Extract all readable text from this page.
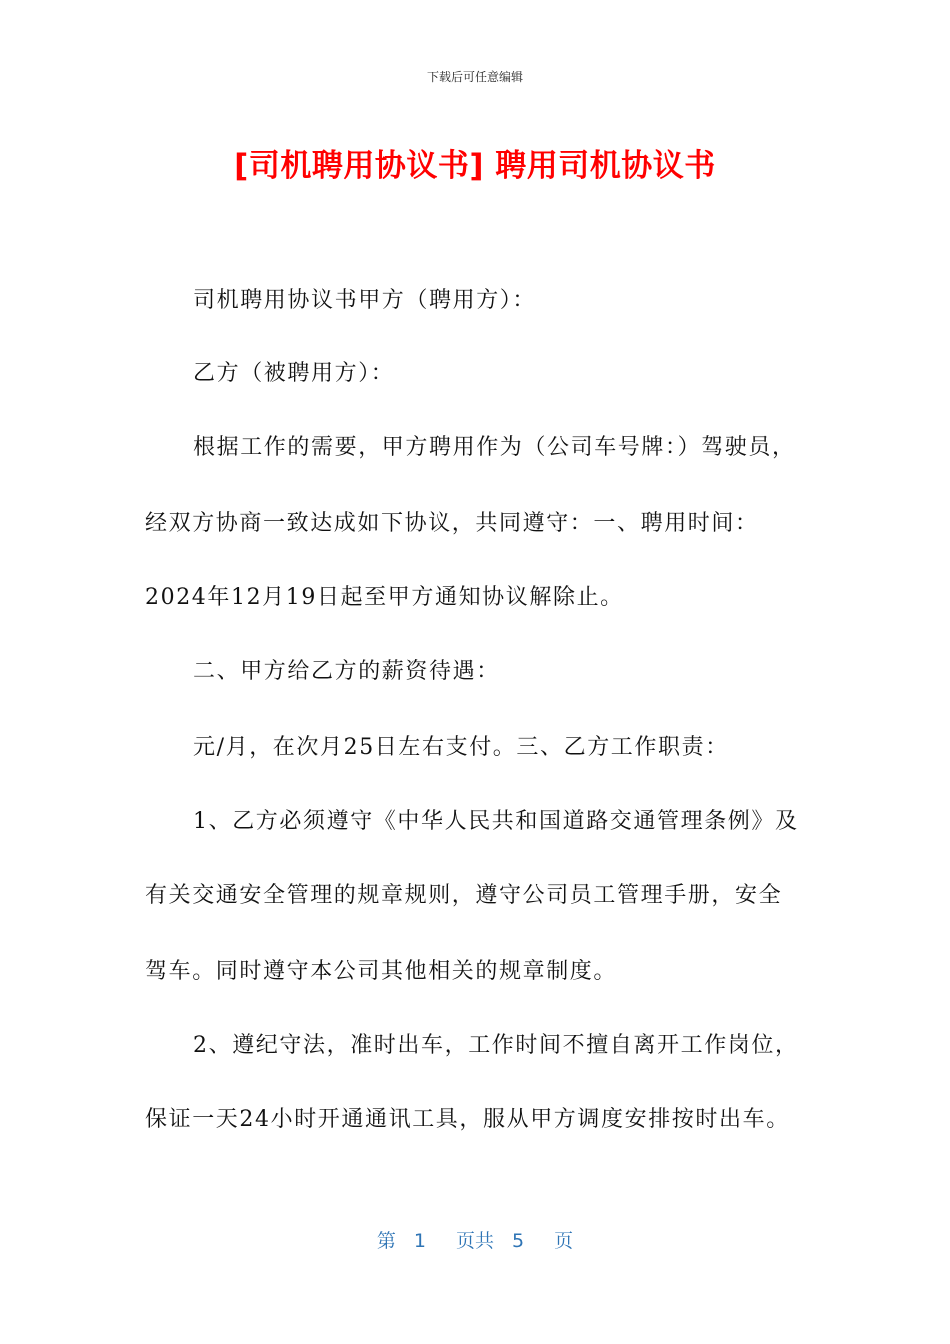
下载后可任意编辑
[司机聘用协议书] 聘用司机协议书
司机聘用协议书甲方（聘用方）：
乙方（被聘用方）：
根据工作的需要，甲方聘用作为（公司车号牌：）驾驶员，
经双方协商一致达成如下协议，共同遵守：一、聘用时间：
2024年12月19日起至甲方通知协议解除止。
二、甲方给乙方的薪资待遇：
元/月，在次月25日左右支付。三、乙方工作职责：
1、乙方必须遵守《中华人民共和国道路交通管理条例》及
有关交通安全管理的规章规则，遵守公司员工管理手册，安全
驾车。同时遵守本公司其他相关的规章制度。
2、遵纪守法，准时出车，工作时间不擅自离开工作岗位，
保证一天24小时开通通讯工具，服从甲方调度安排按时出车。
第 1 页共 5 页
